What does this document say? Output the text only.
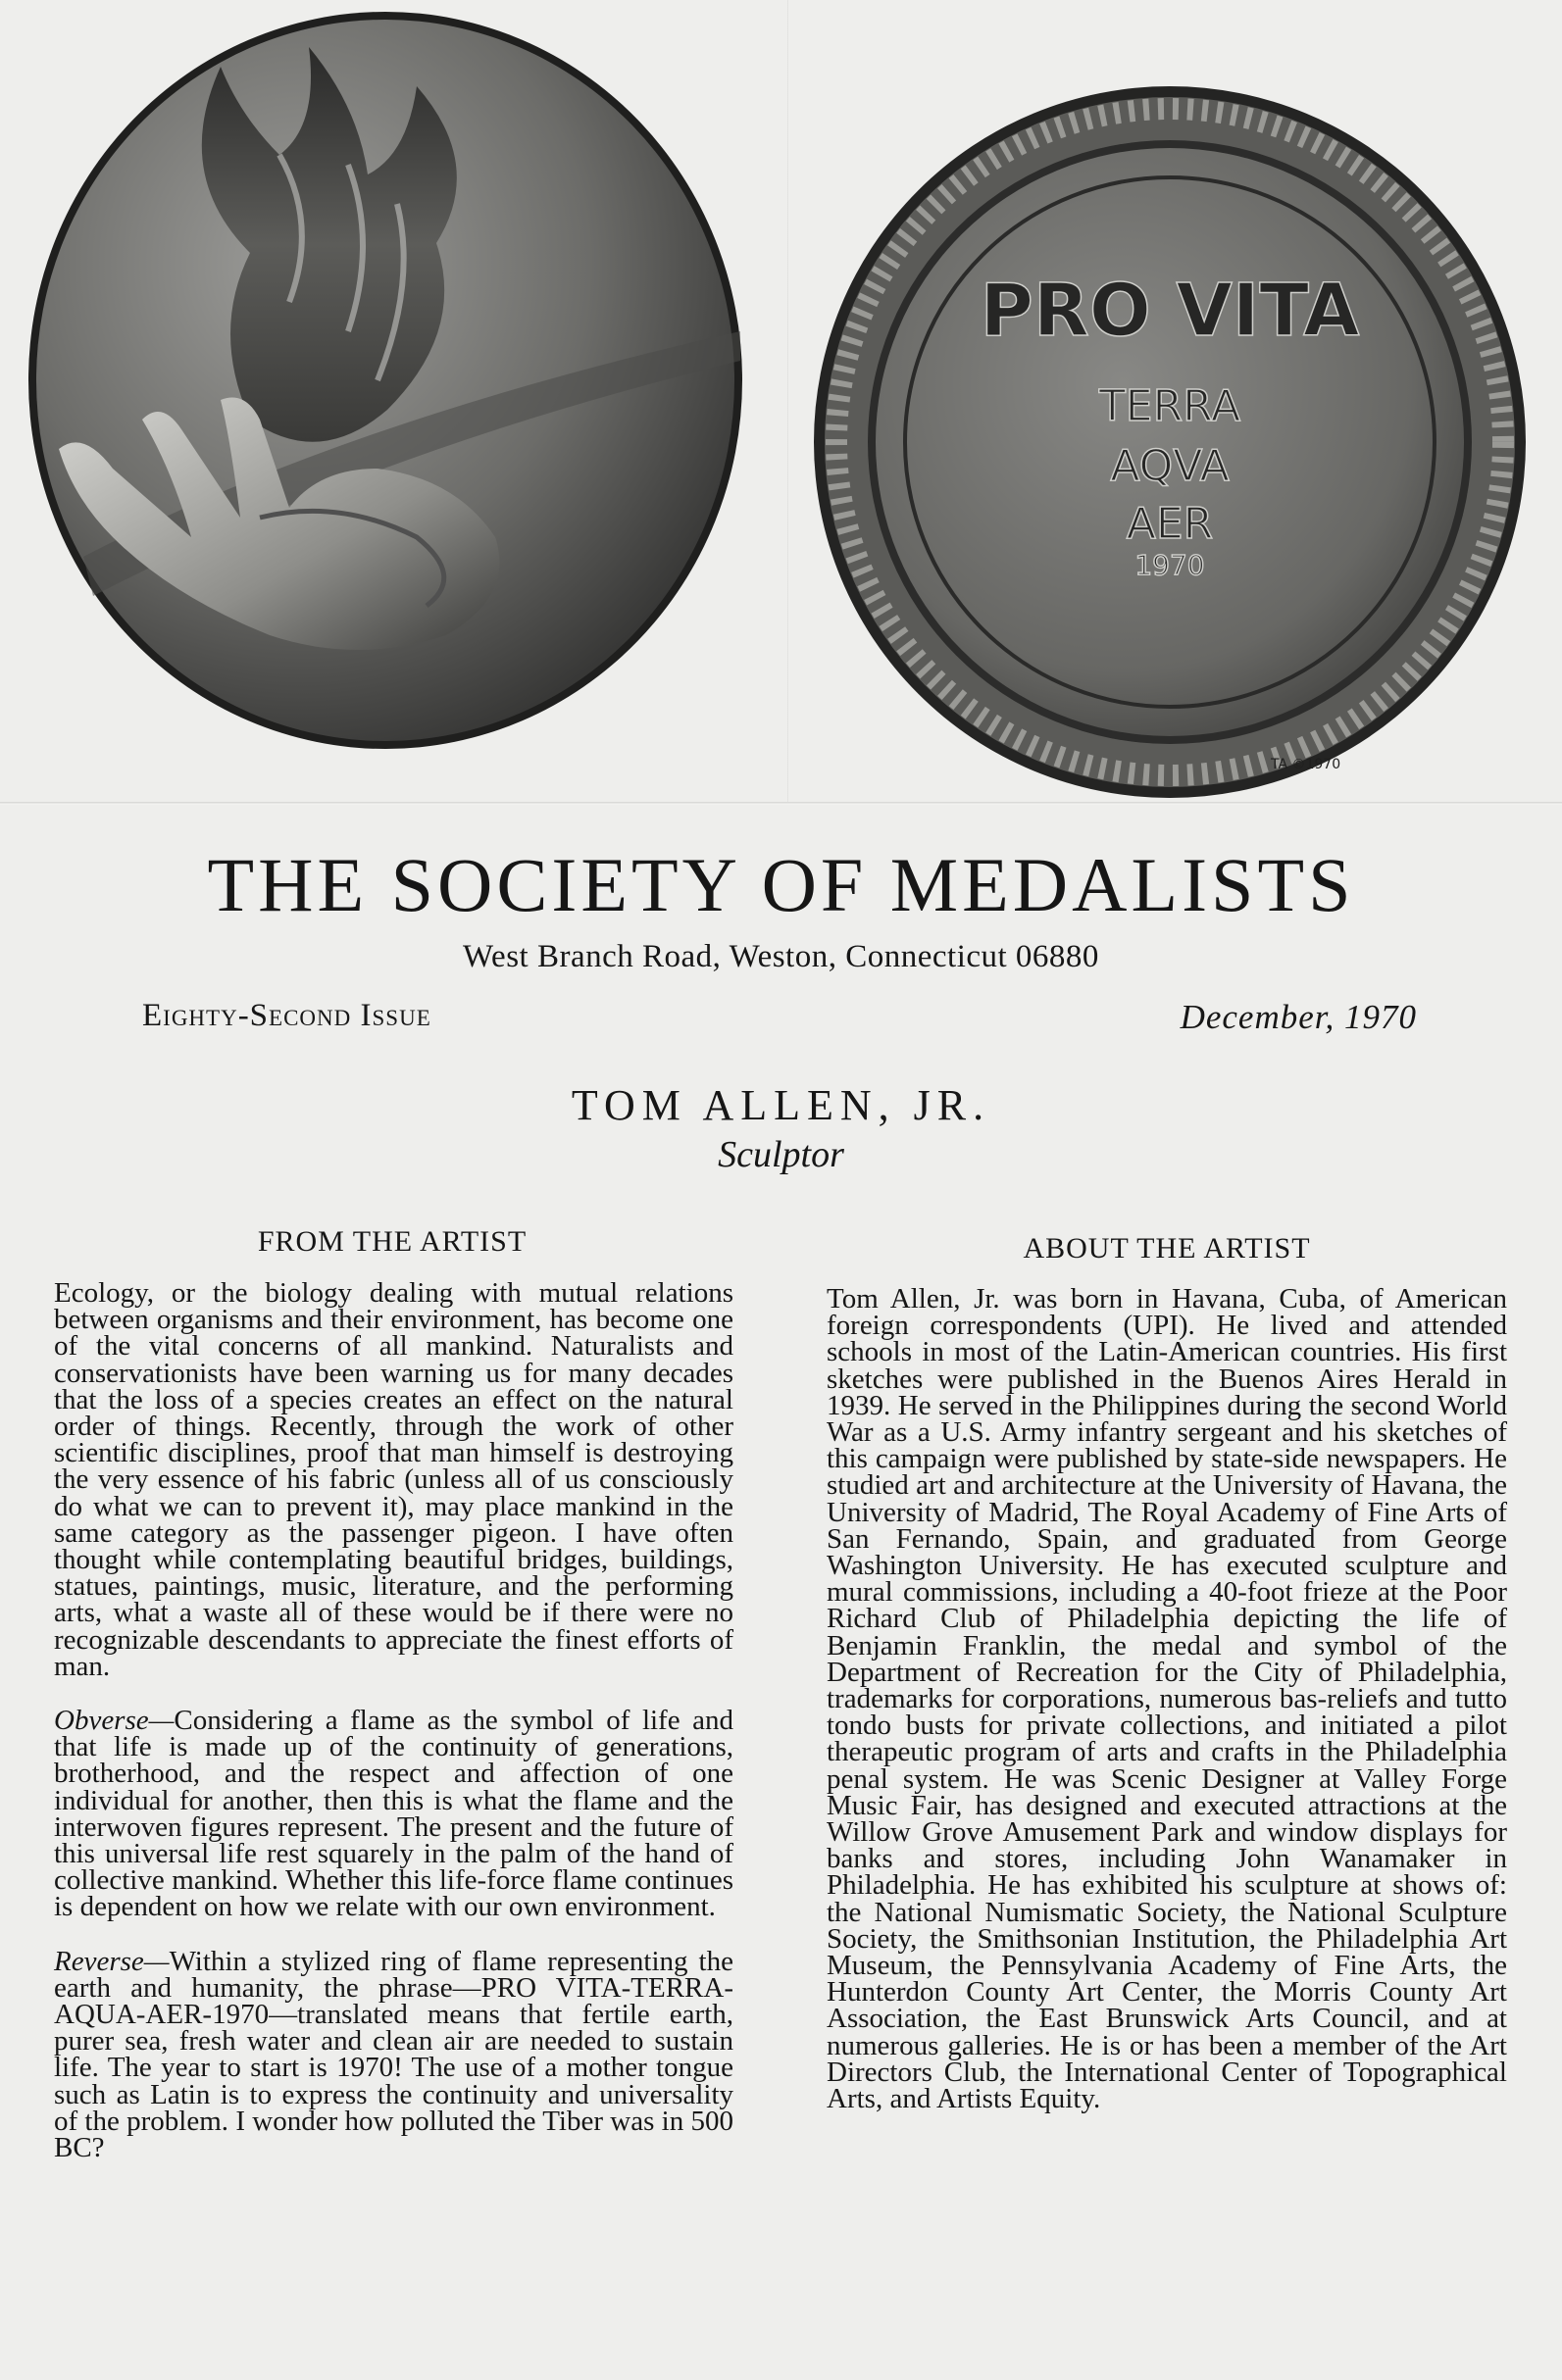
PRO VITA
TERRA
AQVA
AER
1970
TA ©1970
THE SOCIETY OF MEDALISTS
West Branch Road, Weston, Connecticut 06880
Eighty-Second Issue	December, 1970
TOM ALLEN, JR.
Sculptor
FROM THE ARTIST

Ecology, or the biology dealing with mutual relations between organisms and their environment, has become one of the vital concerns of all mankind. Naturalists and conservationists have been warning us for many decades that the loss of a species creates an effect on the natural order of things. Recently, through the work of other scientific disciplines, proof that man himself is destroying the very essence of his fabric (unless all of us consciously do what we can to prevent it), may place mankind in the same category as the passenger pigeon. I have often thought while contemplating beautiful bridges, buildings, statues, paintings, music, literature, and the performing arts, what a waste all of these would be if there were no recognizable descendants to appreciate the finest efforts of man.

Obverse—Considering a flame as the symbol of life and that life is made up of the continuity of generations, brotherhood, and the respect and affection of one individual for another, then this is what the flame and the interwoven figures represent. The present and the future of this universal life rest squarely in the palm of the hand of collective mankind. Whether this life-force flame continues is dependent on how we relate with our own environment.

Reverse—Within a stylized ring of flame representing the earth and humanity, the phrase—PRO VITA-TERRA-AQUA-AER-1970—translated means that fertile earth, purer sea, fresh water and clean air are needed to sustain life. The year to start is 1970! The use of a mother tongue such as Latin is to express the continuity and universality of the problem. I wonder how polluted the Tiber was in 500 BC?

ABOUT THE ARTIST

Tom Allen, Jr. was born in Havana, Cuba, of American foreign correspondents (UPI). He lived and attended schools in most of the Latin-American countries. His first sketches were published in the Buenos Aires Herald in 1939. He served in the Philippines during the second World War as a U.S. Army infantry sergeant and his sketches of this campaign were published by state-side newspapers. He studied art and architecture at the University of Havana, the University of Madrid, The Royal Academy of Fine Arts of San Fernando, Spain, and graduated from George Washington University. He has executed sculpture and mural commissions, including a 40-foot frieze at the Poor Richard Club of Philadelphia depicting the life of Benjamin Franklin, the medal and symbol of the Department of Recreation for the City of Philadelphia, trademarks for corporations, numerous bas-reliefs and tutto tondo busts for private collections, and initiated a pilot therapeutic program of arts and crafts in the Philadelphia penal system. He was Scenic Designer at Valley Forge Music Fair, has designed and executed attractions at the Willow Grove Amusement Park and window displays for banks and stores, including John Wanamaker in Philadelphia. He has exhibited his sculpture at shows of: the National Numismatic Society, the National Sculpture Society, the Smithsonian Institution, the Philadelphia Art Museum, the Pennsylvania Academy of Fine Arts, the Hunterdon County Art Center, the Morris County Art Association, the East Brunswick Arts Council, and at numerous galleries. He is or has been a member of the Art Directors Club, the International Center of Topographical Arts, and Artists Equity.
